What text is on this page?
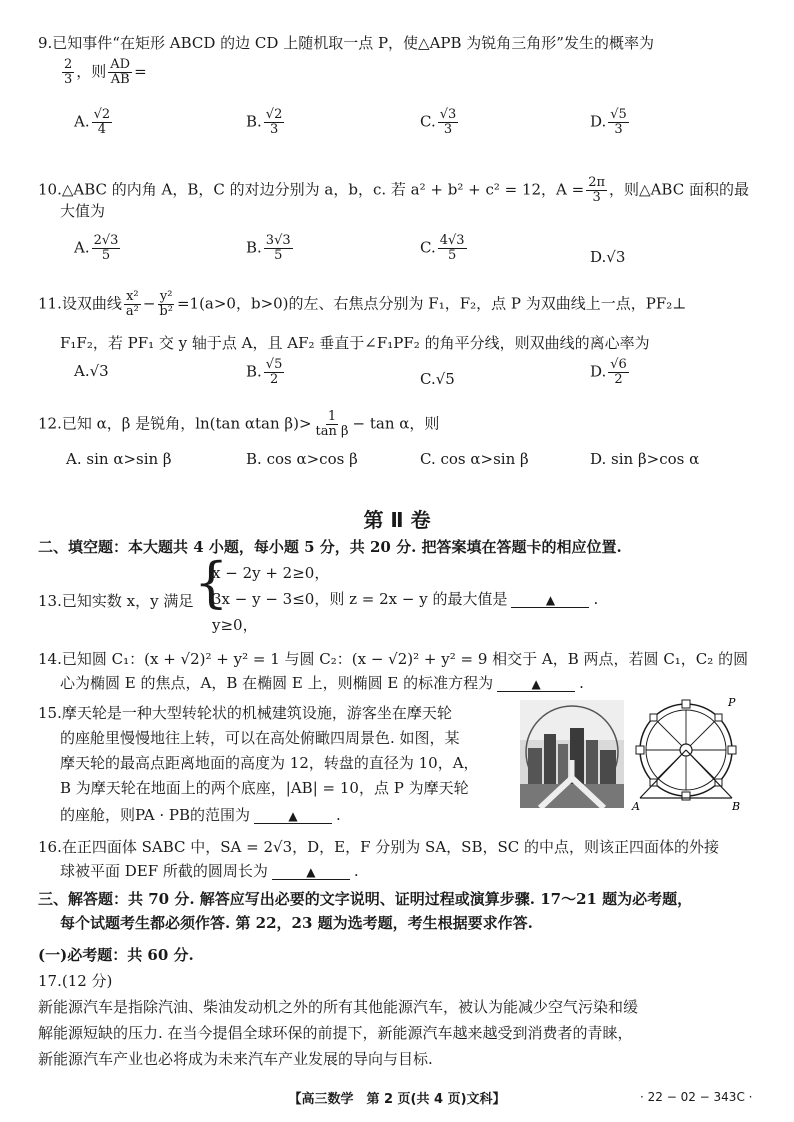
9.已知事件“在矩形 ABCD 的边 CD 上随机取一点 P，使△APB 为锐角三角形”发生的概率为
$\frac{2}{3}$ ，则 $\frac{AD}{AB}$ =
A. $\frac{√2}{4}$	B. $\frac{√2}{3}$	C. $\frac{√3}{3}$	D. $\frac{√5}{3}$
10.△ABC 的内角 A，B，C 的对边分别为 a，b，c. 若 a² + b² + c² = 12，$A = \frac{2\pi}{3}$ ，则△ABC 面积的最
大值为
A. $\frac{2√3}{5}$	B. $\frac{3√3}{5}$	C. $\frac{4√3}{5}$	D.√3
11.设双曲线 $\frac{\text{x²}}{\text{a²}} - \frac{\text{y²}}{\text{b²}} =1(a>0$，b>0)的左、右焦点分别为 F₁，F₂，点 P 为双曲线上一点，PF₂⊥
F₁F₂，若 PF₁ 交 y 轴于点 A，且 AF₂ 垂直于∠F₁PF₂ 的角平分线，则双曲线的离心率为
A.√3	B. $\frac{√5}{2}$	C.√5	D. $\frac{√6}{2}$
12.已知 α，β 是锐角，ln(tan αtan $\beta)> \frac{1}{\text{tan β}} - \tan \alpha$，则
A. sin α>sin β	B. cos α>cos β	C. cos α>sin β	D. sin β>cos α
第 Ⅱ 卷
二、填空题：本大题共 4 小题，每小题 5 分，共 20 分. 把答案填在答题卡的相应位置.
13.已知实数 x，y 满足 {
x − 2y + 2≥0，
3x − y − 3≤0，则 z = 2x − y 的最大值是	▲	.
y≥0，
14.已知圆 C₁：(x + √2)² + y² = 1 与圆 C₂：(x − √2)² + y² = 9 相交于 A，B 两点，若圆 C₁，C₂ 的圆
心为椭圆 E 的焦点，A，B 在椭圆 E 上，则椭圆 E 的标准方程为	▲	.
15.摩天轮是一种大型转轮状的机械建筑设施，游客坐在摩天轮
的座舱里慢慢地往上转，可以在高处俯瞰四周景色. 如图，某
摩天轮的最高点距离地面的高度为 12，转盘的直径为 10，A，
B 为摩天轮在地面上的两个底座，|AB| = 10，点 P 为摩天轮
的座舱，则PA · PB的范围为	▲	.
P
A	B
16.在正四面体 SABC 中，SA = 2√3，D，E，F 分别为 SA，SB，SC 的中点，则该正四面体的外接
球被平面 DEF 所截的圆周长为	▲	.
三、解答题：共 70 分. 解答应写出必要的文字说明、证明过程或演算步骤. 17～21 题为必考题，
每个试题考生都必须作答. 第 22，23 题为选考题，考生根据要求作答.
(一)必考题：共 60 分.
17.(12 分)
新能源汽车是指除汽油、柴油发动机之外的所有其他能源汽车，被认为能减少空气污染和缓
解能源短缺的压力. 在当今提倡全球环保的前提下，新能源汽车越来越受到消费者的青睐，
新能源汽车产业也必将成为未来汽车产业发展的导向与目标.
【高三数学　第 2 页(共 4 页)文科】	· 22 − 02 − 343C ·
